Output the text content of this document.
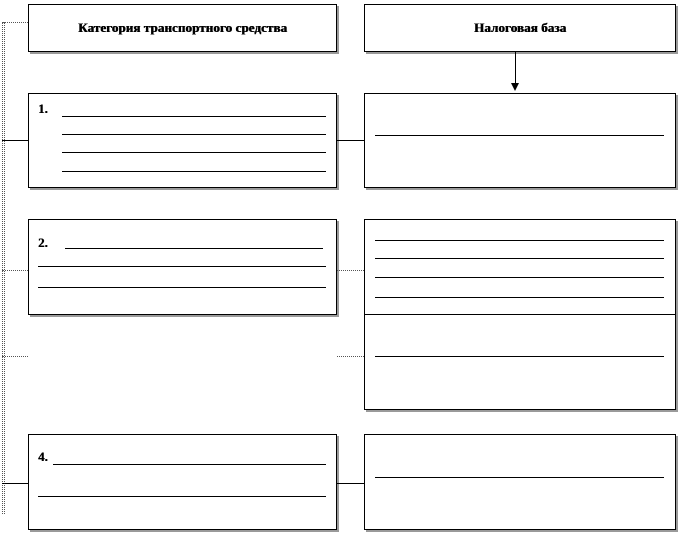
Категория транспортного средства	Налоговая база
1.
2.
4.
